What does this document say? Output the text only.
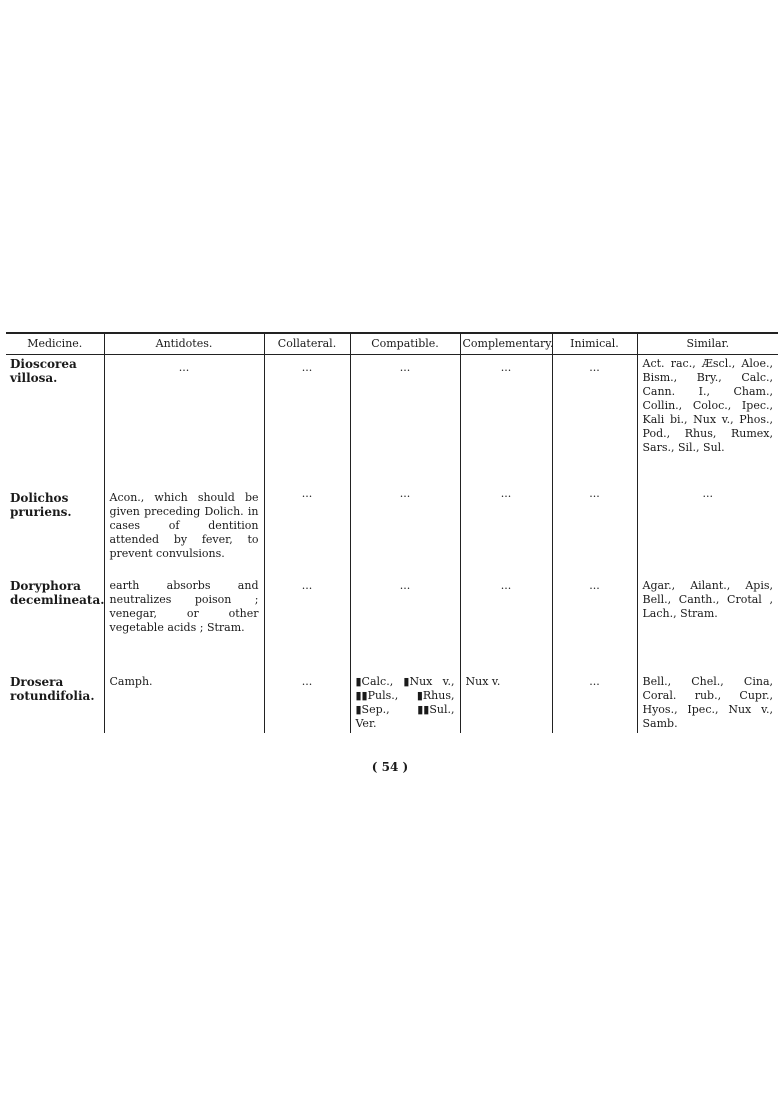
Medicine.	Antidotes.	Collateral.	Compatible.	Complementary.	Inimical.	Similar.
Dioscorea villosa.	...	...	...	...	...	Act. rac., Æscl., Aloe., Bism., Bry., Calc., Cann. I., Cham., Collin., Coloc., Ipec., Kali bi., Nux v., Phos., Pod., Rhus, Rumex, Sars., Sil., Sul.
Dolichos pruriens.	Acon., which should be given preceding Dolich. in cases of dentition attended by fever, to prevent convulsions.	...	...	...	...	...
Doryphora decemlineata.	earth absorbs and neutralizes poison ; venegar, or other vegetable acids ; Stram.	...	...	...	...	Agar., Ailant., Apis, Bell., Canth., Crotal , Lach., Stram.
Drosera rotundifolia.	Camph.	...	▮Calc., ▮Nux v., ▮▮Puls., ▮Rhus, ▮Sep., ▮▮Sul., Ver.	Nux v.	...	Bell., Chel., Cina, Coral. rub., Cupr., Hyos., Ipec., Nux v., Samb.
( 54 )
